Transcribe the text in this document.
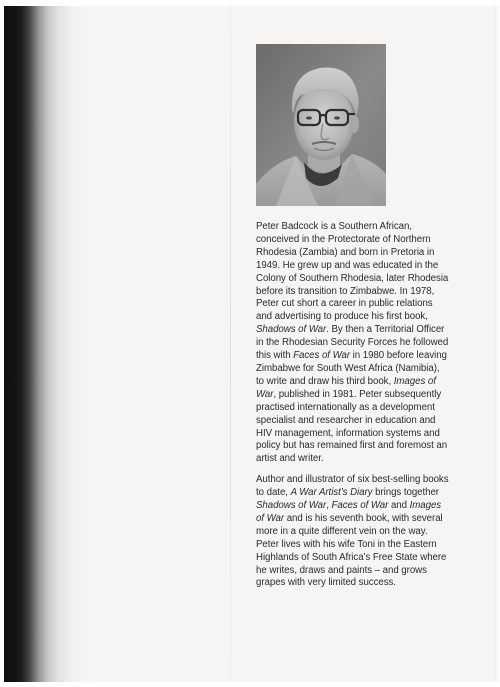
Peter Badcock is a Southern African,
conceived in the Protectorate of Northern
Rhodesia (Zambia) and born in Pretoria in
1949. He grew up and was educated in the
Colony of Southern Rhodesia, later Rhodesia
before its transition to Zimbabwe. In 1978,
Peter cut short a career in public relations
and advertising to produce his first book,
Shadows of War. By then a Territorial Officer
in the Rhodesian Security Forces he followed
this with Faces of War in 1980 before leaving
Zimbabwe for South West Africa (Namibia),
to write and draw his third book, Images of
War, published in 1981. Peter subsequently
practised internationally as a development
specialist and researcher in education and
HIV management, information systems and
policy but has remained first and foremost an
artist and writer.

Author and illustrator of six best-selling books
to date, A War Artist’s Diary brings together
Shadows of War, Faces of War and Images
of War and is his seventh book, with several
more in a quite different vein on the way.
Peter lives with his wife Toni in the Eastern
Highlands of South Africa’s Free State where
he writes, draws and paints – and grows
grapes with very limited success.
